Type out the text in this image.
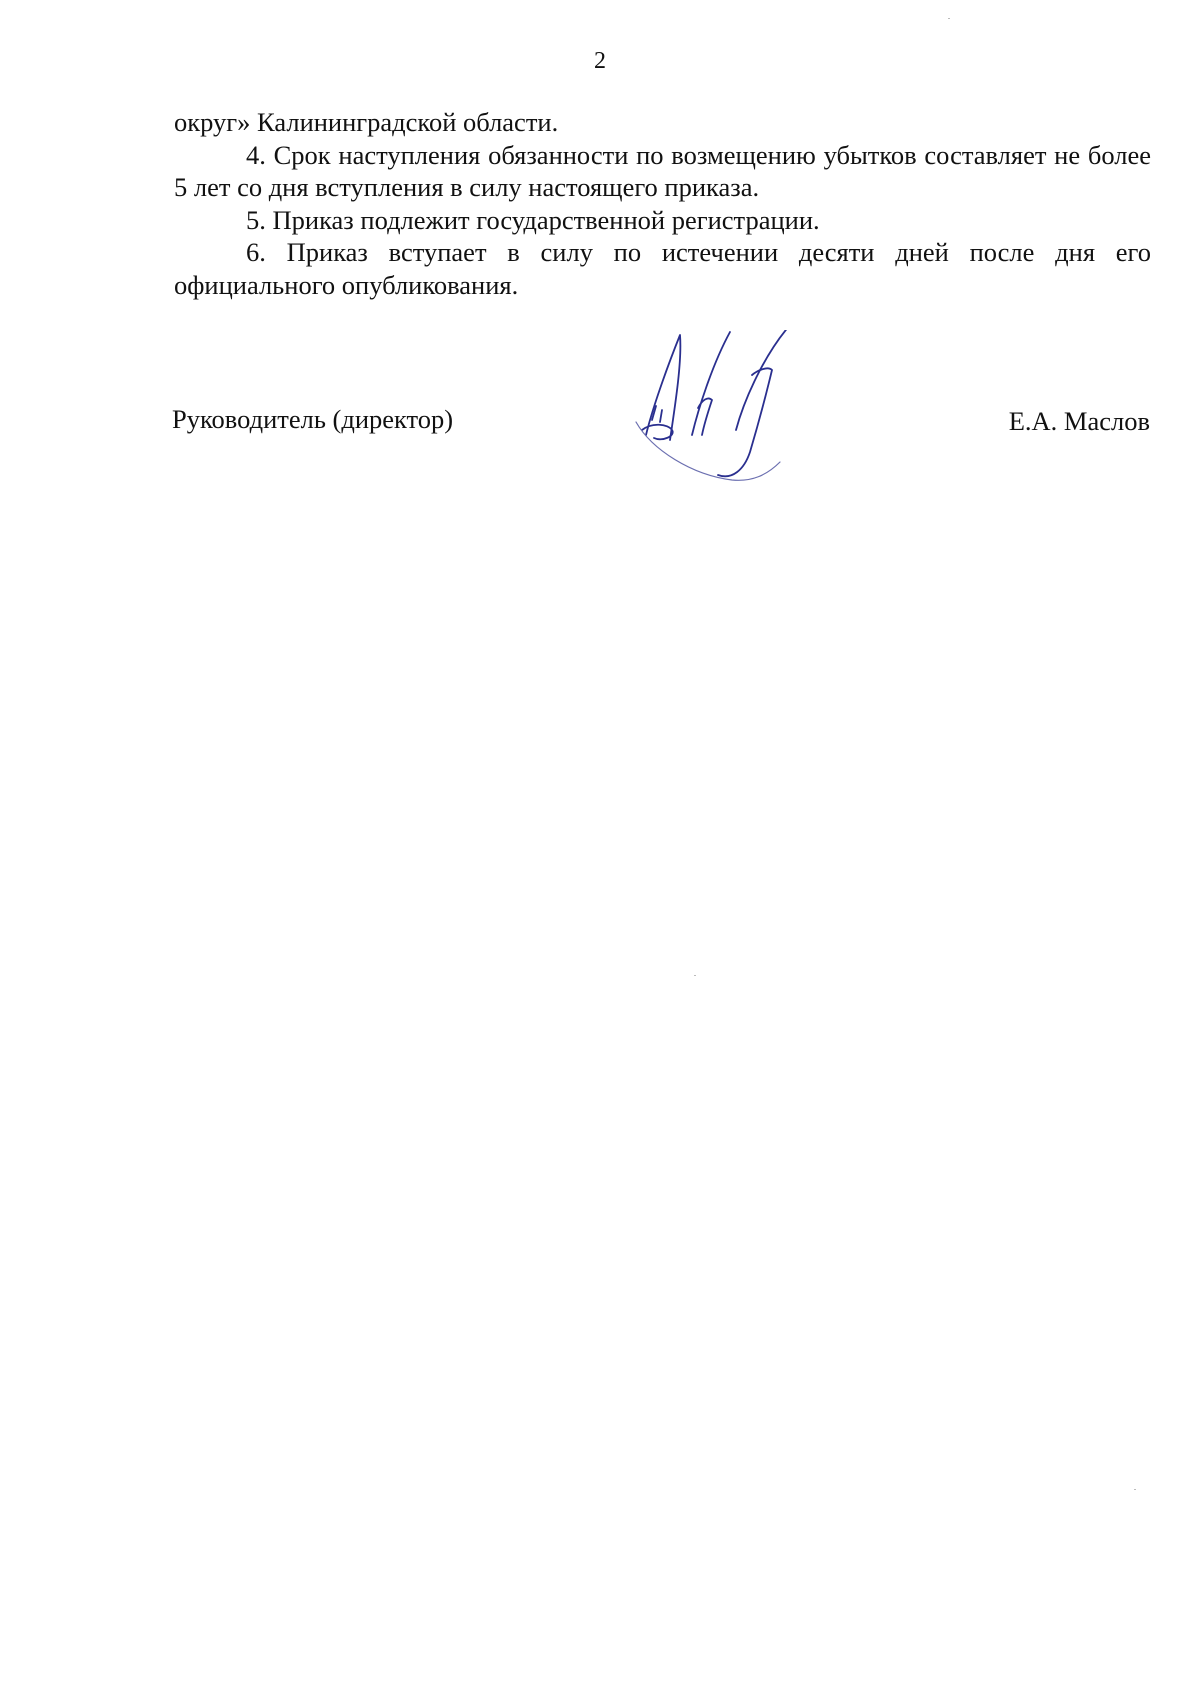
2

округ» Калининградской области.

4. Срок наступления обязанности по возмещению убытков составляет не более 5 лет со дня вступления в силу настоящего приказа.

5. Приказ подлежит государственной регистрации.

6. Приказ вступает в силу по истечении десяти дней после дня его официального опубликования.

Руководитель (директор)	Е.А. Маслов
